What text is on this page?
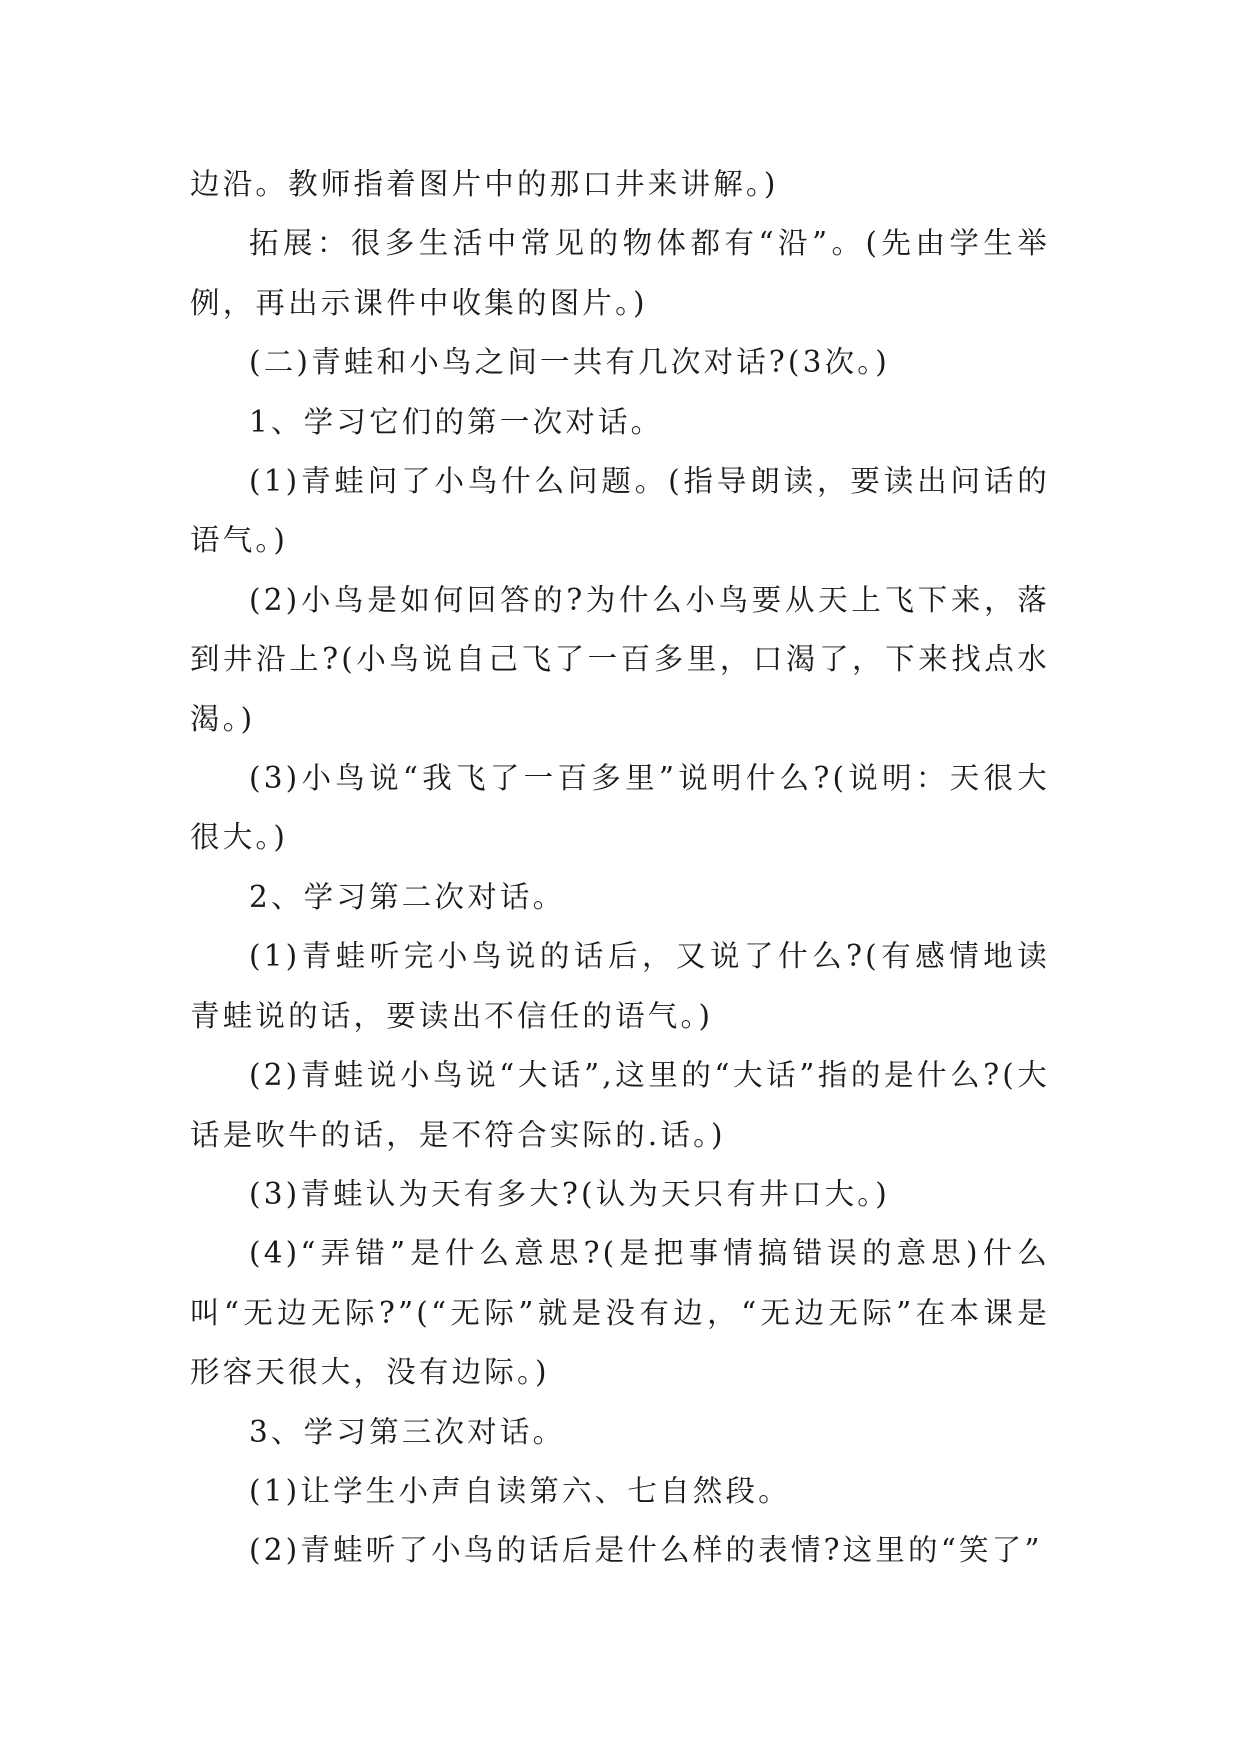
边沿。教师指着图片中的那口井来讲解。)

拓展：很多生活中常见的物体都有“沿”。(先由学生举例，再出示课件中收集的图片。)

(二)青蛙和小鸟之间一共有几次对话?(3次。)

1、学习它们的第一次对话。

(1)青蛙问了小鸟什么问题。(指导朗读，要读出问话的语气。)

(2)小鸟是如何回答的?为什么小鸟要从天上飞下来，落到井沿上?(小鸟说自己飞了一百多里，口渴了，下来找点水渴。)

(3)小鸟说“我飞了一百多里”说明什么?(说明：天很大很大。)

2、学习第二次对话。

(1)青蛙听完小鸟说的话后，又说了什么?(有感情地读青蛙说的话，要读出不信任的语气。)

(2)青蛙说小鸟说“大话”,这里的“大话”指的是什么?(大话是吹牛的话，是不符合实际的.话。)

(3)青蛙认为天有多大?(认为天只有井口大。)

(4)“弄错”是什么意思?(是把事情搞错误的意思)什么叫“无边无际?”(“无际”就是没有边，“无边无际”在本课是形容天很大，没有边际。)

3、学习第三次对话。

(1)让学生小声自读第六、七自然段。

(2)青蛙听了小鸟的话后是什么样的表情?这里的“笑了”
